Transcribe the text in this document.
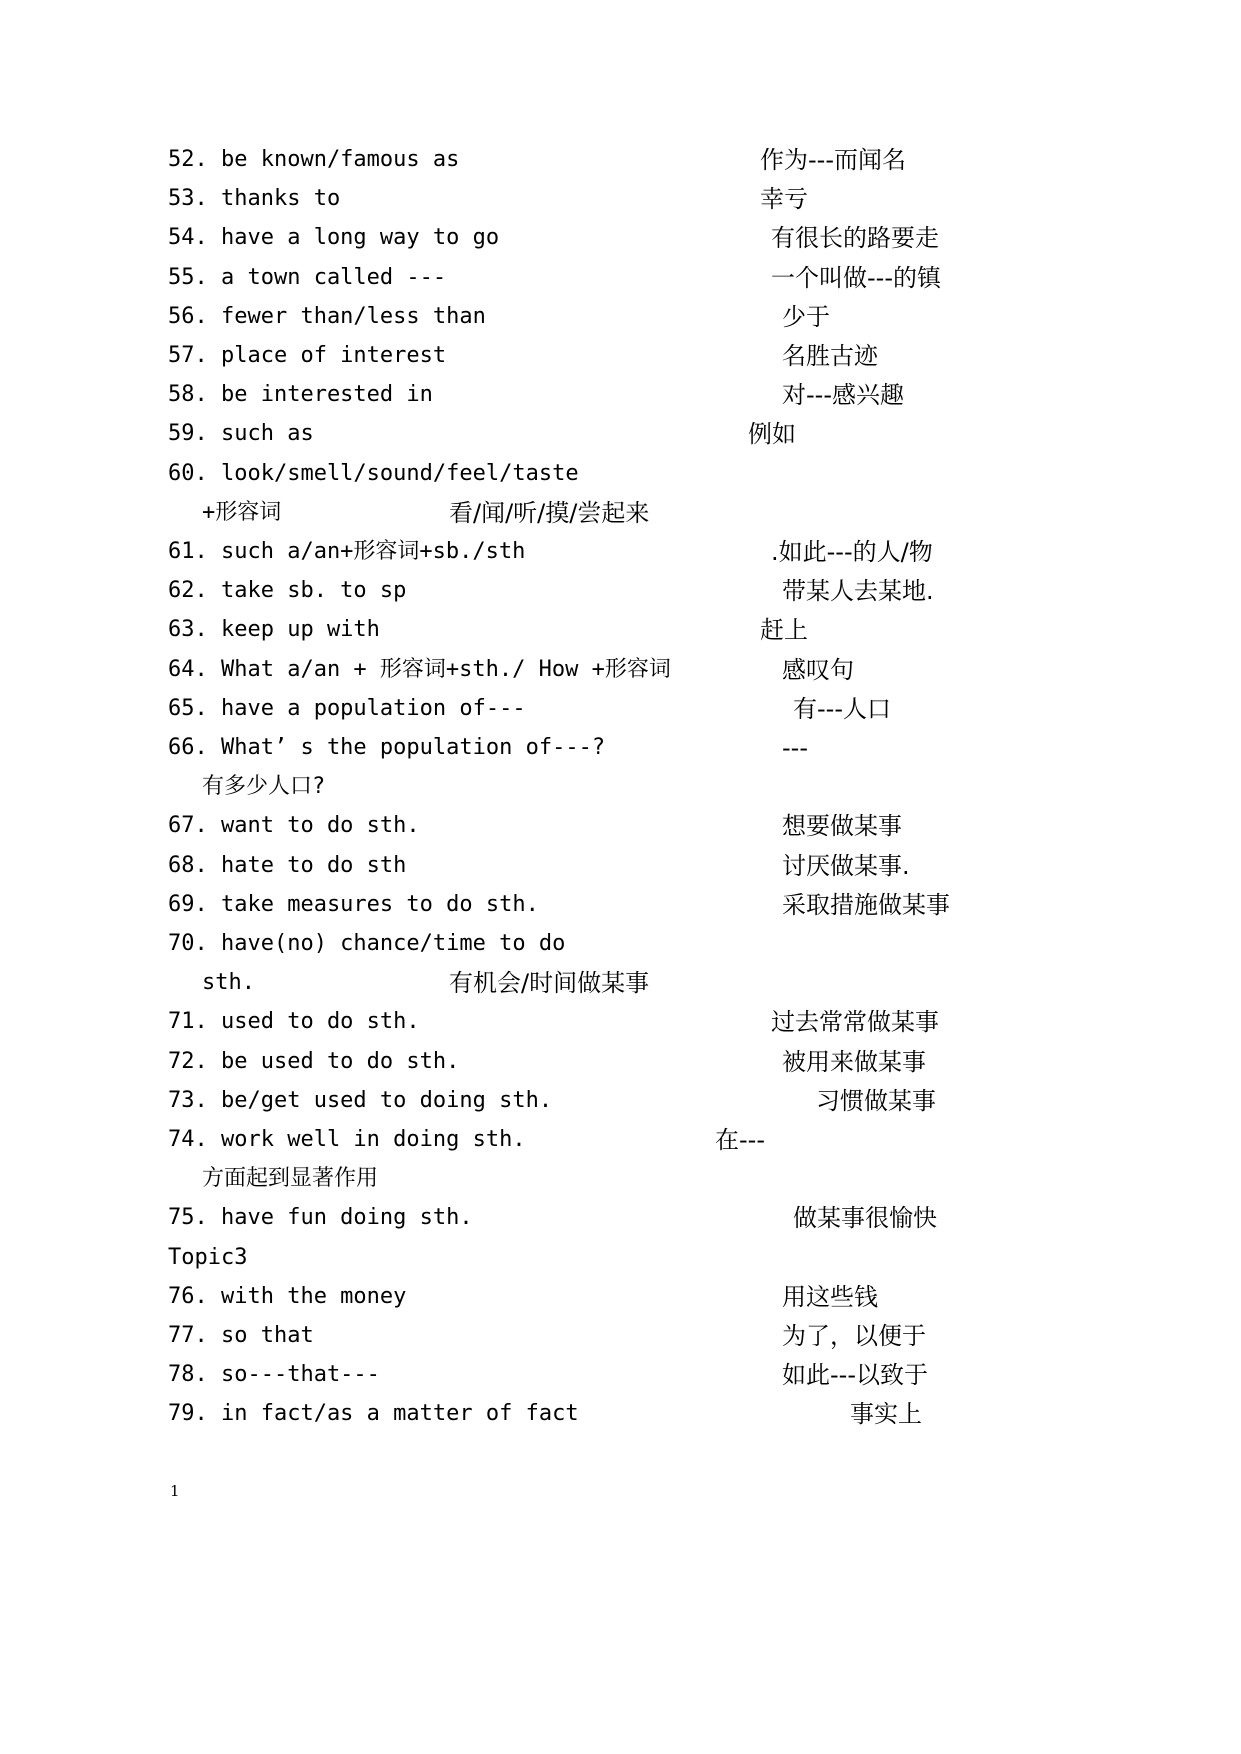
52. be known/famous as	作为---而闻名
53. thanks to	幸亏
54. have a long way to go	有很长的路要走
55. a town called ---	一个叫做---的镇
56. fewer than/less than	少于
57. place of interest	名胜古迹
58. be interested in	对---感兴趣
59. such as	例如
60. look/smell/sound/feel/taste
+形容词	看/闻/听/摸/尝起来
61. such a/an+形容词+sb./sth	.如此---的人/物
62. take sb. to sp	带某人去某地.
63. keep up with	赶上
64. What a/an + 形容词+sth./ How +形容词	感叹句
65. have a population of---	有---人口
66. What’ s the population of---?	---
有多少人口?
67. want to do sth.	想要做某事
68. hate to do sth	讨厌做某事.
69. take measures to do sth.	采取措施做某事
70. have(no) chance/time to do
sth.	有机会/时间做某事
71. used to do sth.	过去常常做某事
72. be used to do sth.	被用来做某事
73. be/get used to doing sth.	习惯做某事
74. work well in doing sth.	在---
方面起到显著作用
75. have fun doing sth.	做某事很愉快
Topic3
76. with the money	用这些钱
77. so that	为了，以便于
78. so---that---	如此---以致于
79. in fact/as a matter of fact	事实上
1
